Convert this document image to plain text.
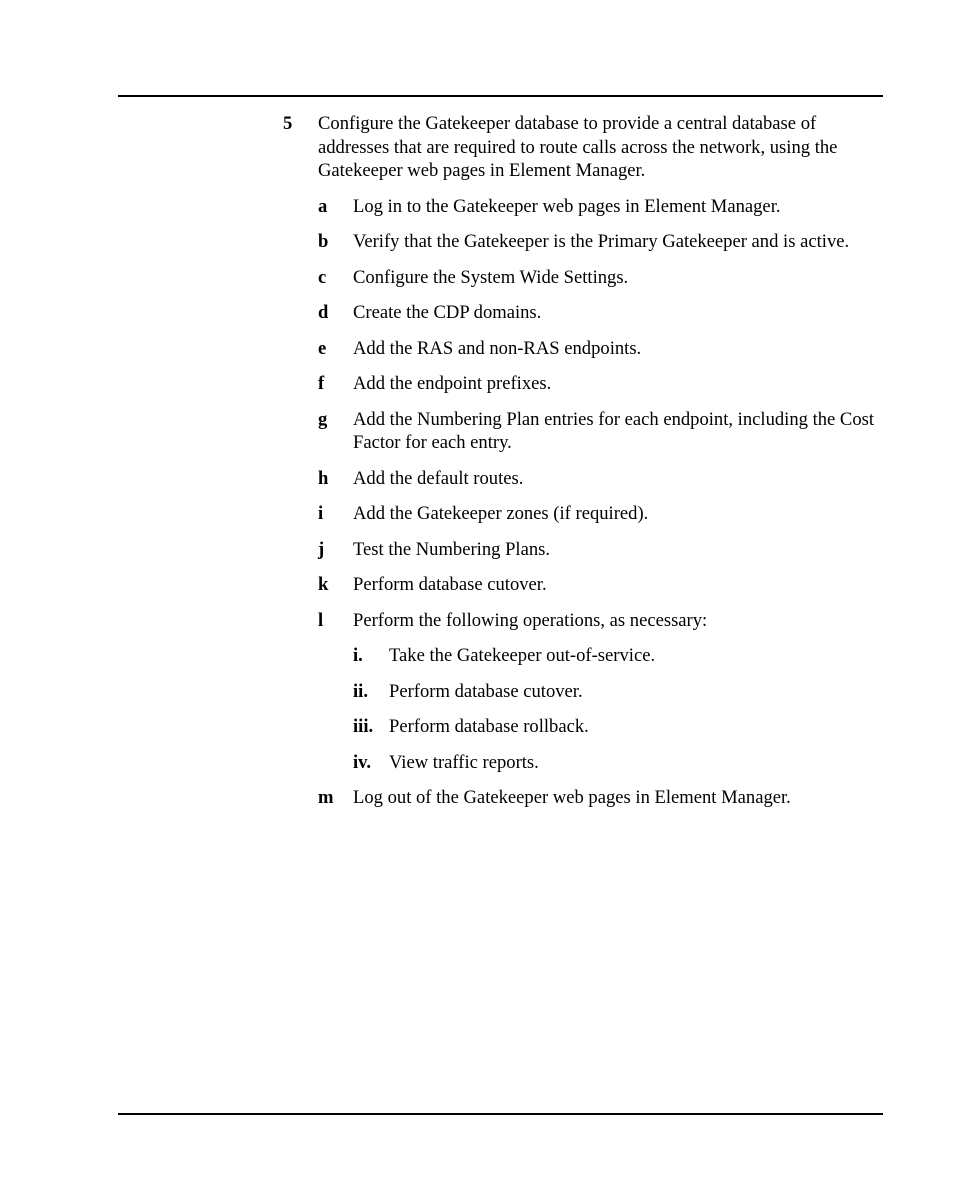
5	Configure the Gatekeeper database to provide a central database of addresses that are required to route calls across the network, using the Gatekeeper web pages in Element Manager.
a	Log in to the Gatekeeper web pages in Element Manager.
b	Verify that the Gatekeeper is the Primary Gatekeeper and is active.
c	Configure the System Wide Settings.
d	Create the CDP domains.
e	Add the RAS and non-RAS endpoints.
f	Add the endpoint prefixes.
g	Add the Numbering Plan entries for each endpoint, including the Cost Factor for each entry.
h	Add the default routes.
i	Add the Gatekeeper zones (if required).
j	Test the Numbering Plans.
k	Perform database cutover.
l	Perform the following operations, as necessary:
i.	Take the Gatekeeper out-of-service.
ii.	Perform database cutover.
iii. Perform database rollback.
iv. View traffic reports.
m	Log out of the Gatekeeper web pages in Element Manager.
